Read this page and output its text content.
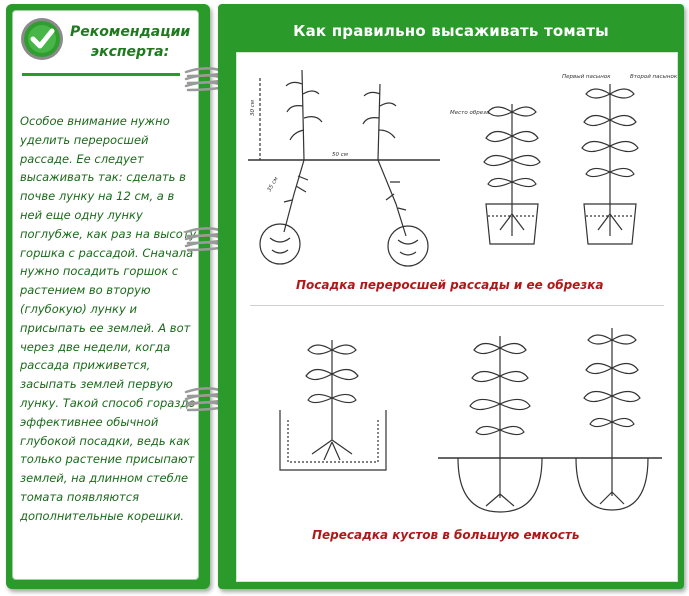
Рекомендации
эксперта:
Особое внимание нужно уделить переросшей рассаде. Ее следует высаживать так: сделать в почве лунку на 12 см, а в ней еще одну лунку поглубже, как раз на высоту горшка с рассадой. Сначала нужно посадить горшок с растением во вторую (глубокую) лунку и присыпать ее землей. А вот через две недели, когда рассада приживется, засыпать землей первую лунку. Такой способ гораздо эффективнее обычной глубокой посадки, ведь как только растение присыпают землей, на длинном стебле томата появляются дополнительные корешки.
Как правильно высаживать томаты
30 см
50 см
35 см
Место обреза
Первый пасынок	Второй пасынок
Посадка переросшей рассады и ее обрезка
Пересадка кустов в большую емкость
